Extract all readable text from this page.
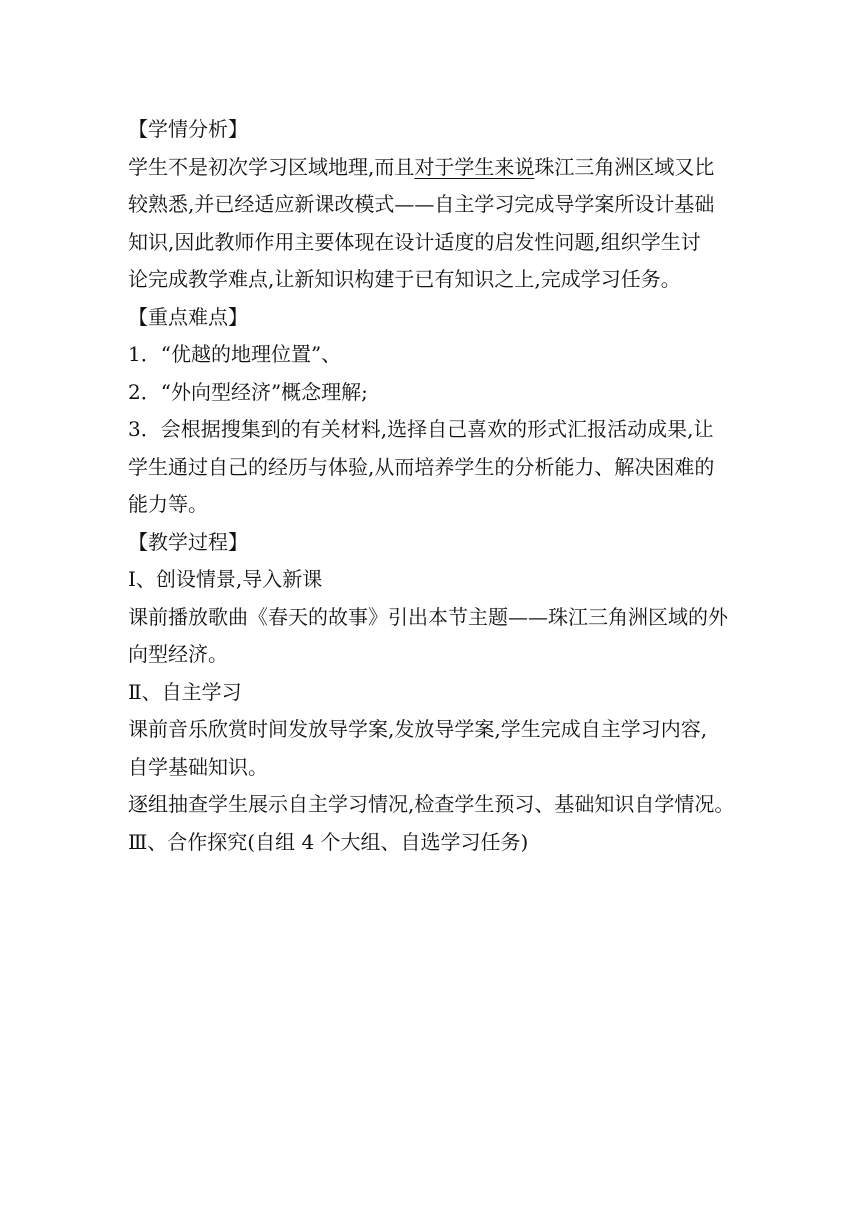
【学情分析】
学生不是初次学习区域地理,而且对于学生来说珠江三角洲区域又比
较熟悉,并已经适应新课改模式——自主学习完成导学案所设计基础
知识,因此教师作用主要体现在设计适度的启发性问题,组织学生讨
论完成教学难点,让新知识构建于已有知识之上,完成学习任务。
【重点难点】
1．“优越的地理位置”、
2．“外向型经济”概念理解;
3．会根据搜集到的有关材料,选择自己喜欢的形式汇报活动成果,让
学生通过自己的经历与体验,从而培养学生的分析能力、解决困难的
能力等。
【教学过程】
Ⅰ、创设情景,导入新课
课前播放歌曲《春天的故事》引出本节主题——珠江三角洲区域的外
向型经济。
Ⅱ、自主学习
课前音乐欣赏时间发放导学案,发放导学案,学生完成自主学习内容,
自学基础知识。
逐组抽查学生展示自主学习情况,检查学生预习、基础知识自学情况。
Ⅲ、合作探究(自组 4 个大组、自选学习任务)
